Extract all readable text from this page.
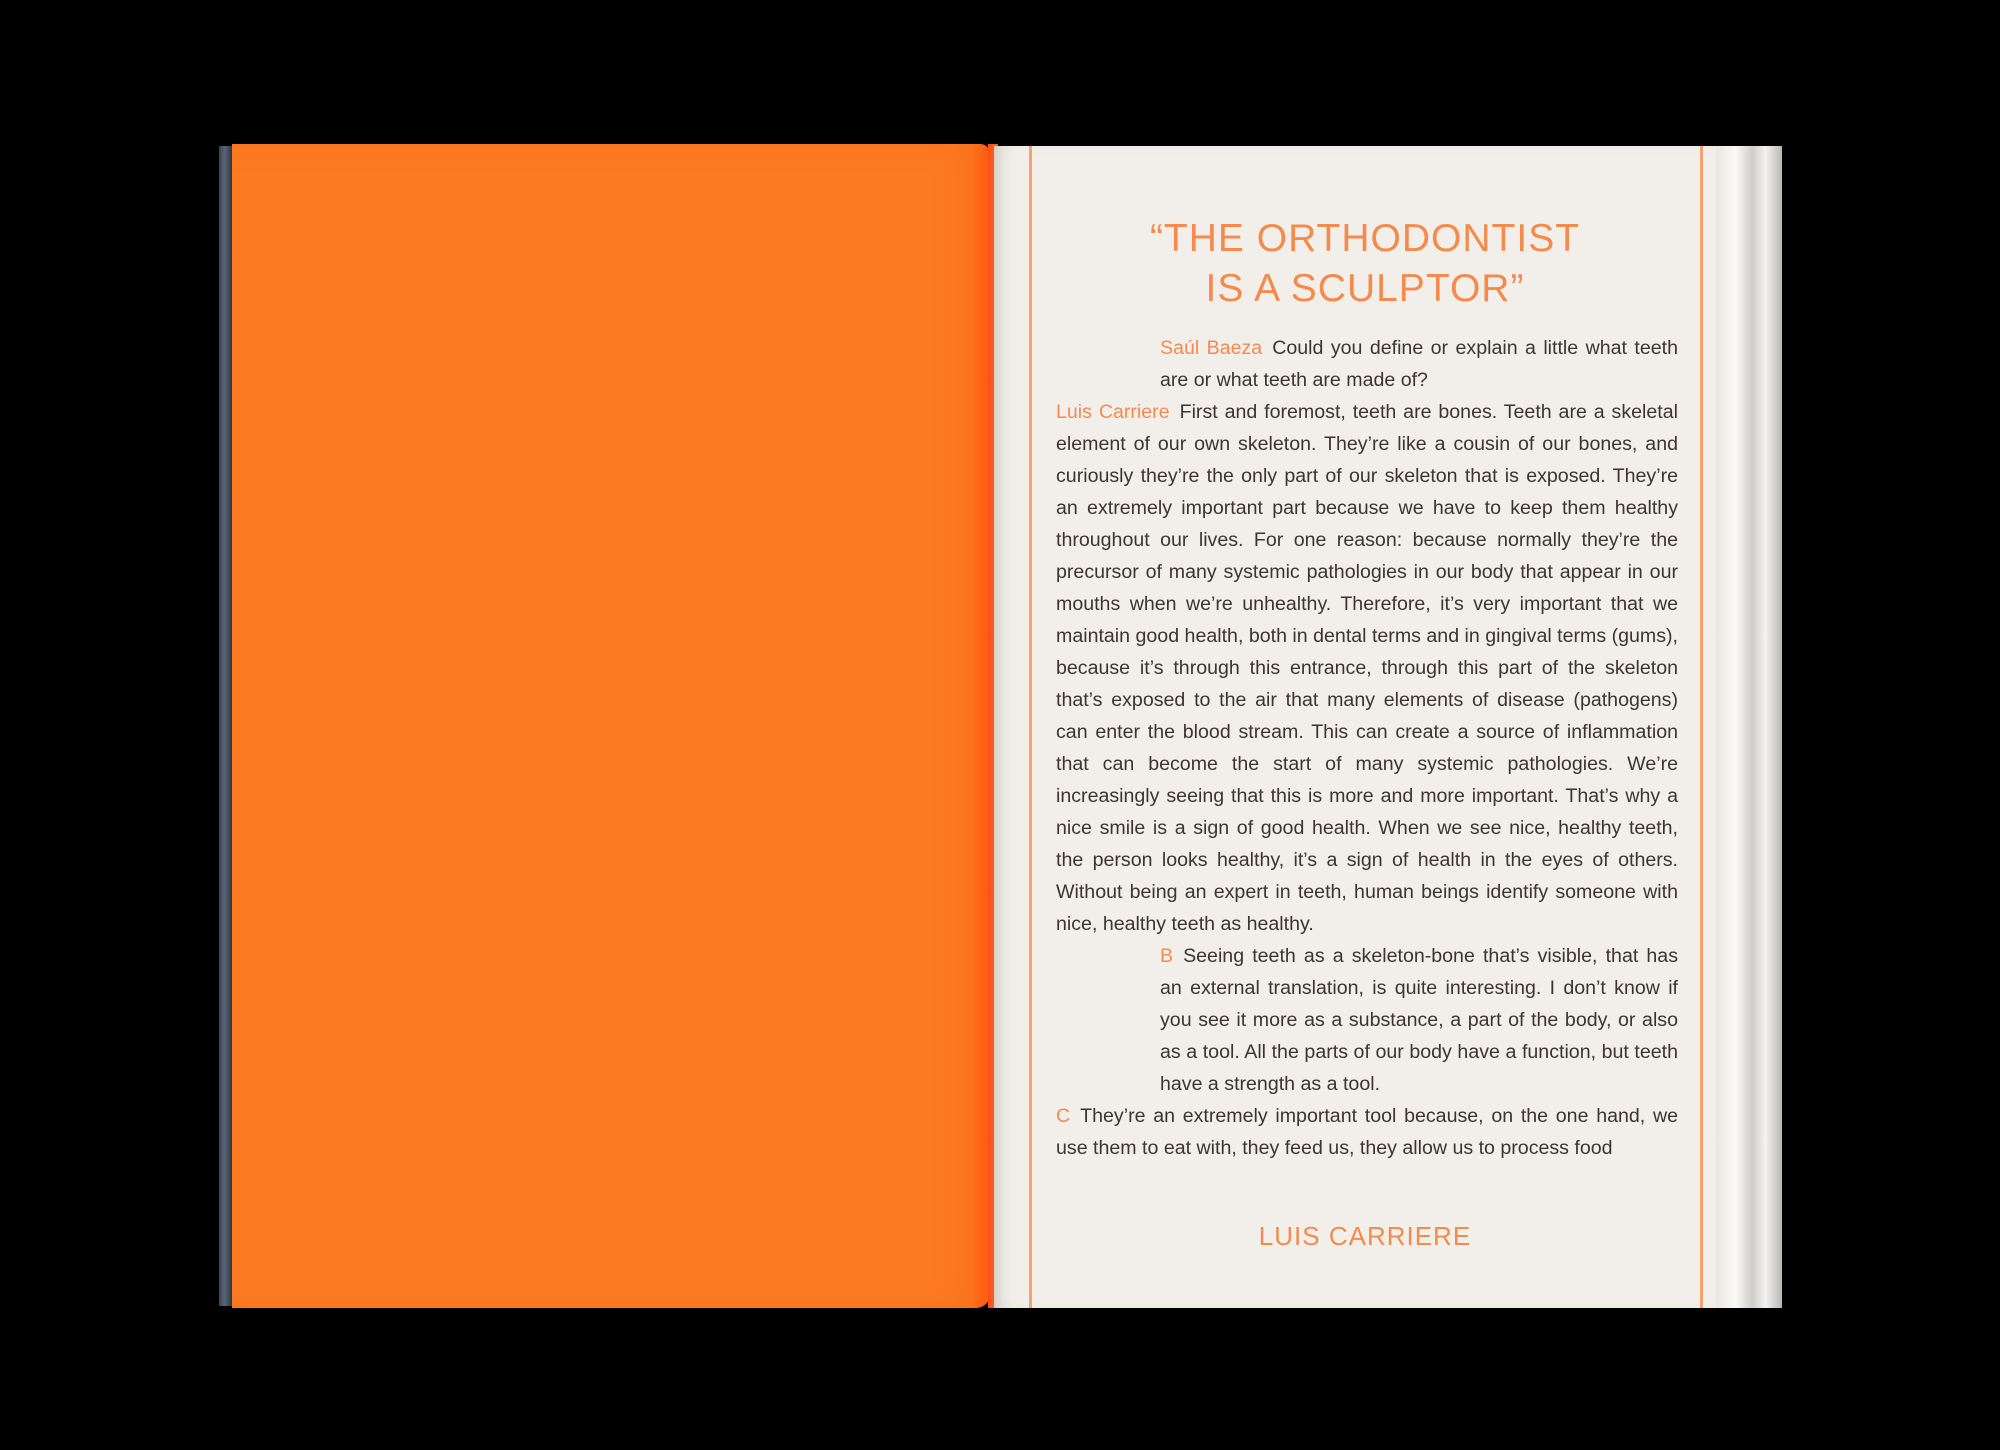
“THE ORTHODONTIST
IS A SCULPTOR”

Saúl Baeza Could you define or explain a little what teeth are or what teeth are made of?

Luis Carriere First and foremost, teeth are bones. Teeth are a skeletal element of our own skeleton. They’re like a cousin of our bones, and curiously they’re the only part of our skeleton that is exposed. They’re an extremely important part because we have to keep them healthy throughout our lives. For one reason: because normally they’re the precursor of many systemic pathologies in our body that appear in our mouths when we’re unhealthy. Therefore, it’s very important that we maintain good health, both in dental terms and in gingival terms (gums), because it’s through this entrance, through this part of the skeleton that’s exposed to the air that many elements of disease (pathogens) can enter the blood stream. This can create a source of inflammation that can become the start of many systemic pathologies. We’re increasingly seeing that this is more and more important. That’s why a nice smile is a sign of good health. When we see nice, healthy teeth, the person looks healthy, it’s a sign of health in the eyes of others. Without being an expert in teeth, human beings identify someone with nice, healthy teeth as healthy.

B Seeing teeth as a skeleton-bone that’s visible, that has an external translation, is quite interesting. I don’t know if you see it more as a substance, a part of the body, or also as a tool. All the parts of our body have a function, but teeth have a strength as a tool.

C They’re an extremely important tool because, on the one hand, we use them to eat with, they feed us, they allow us to process food

LUIS CARRIERE
